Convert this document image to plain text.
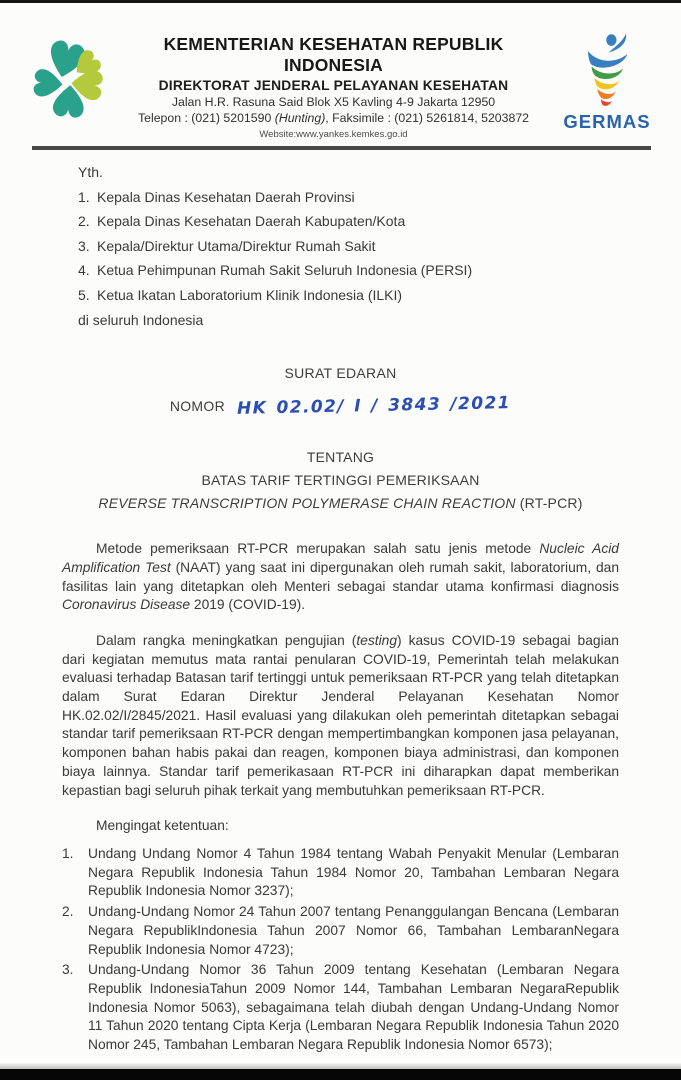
KEMENTERIAN KESEHATAN REPUBLIK INDONESIA
DIREKTORAT JENDERAL PELAYANAN KESEHATAN
Jalan H.R. Rasuna Said Blok X5 Kavling 4-9 Jakarta 12950
Telepon : (021) 5201590 (Hunting), Faksimile : (021) 5261814, 5203872
Website:www.yankes.kemkes.go.id
GERMAS
Yth.
1. Kepala Dinas Kesehatan Daerah Provinsi
2. Kepala Dinas Kesehatan Daerah Kabupaten/Kota
3. Kepala/Direktur Utama/Direktur Rumah Sakit
4. Ketua Pehimpunan Rumah Sakit Seluruh Indonesia (PERSI)
5. Ketua Ikatan Laboratorium Klinik Indonesia (ILKI)
di seluruh Indonesia
SURAT EDARAN
NOMOR HK 02.02/ I / 3843 /2021
TENTANG
BATAS TARIF TERTINGGI PEMERIKSAAN
REVERSE TRANSCRIPTION POLYMERASE CHAIN REACTION (RT-PCR)

Metode pemeriksaan RT-PCR merupakan salah satu jenis metode Nucleic Acid Amplification Test (NAAT) yang saat ini dipergunakan oleh rumah sakit, laboratorium, dan fasilitas lain yang ditetapkan oleh Menteri sebagai standar utama konfirmasi diagnosis Coronavirus Disease 2019 (COVID-19).

Dalam rangka meningkatkan pengujian (testing) kasus COVID-19 sebagai bagian dari kegiatan memutus mata rantai penularan COVID-19, Pemerintah telah melakukan evaluasi terhadap Batasan tarif tertinggi untuk pemeriksaan RT-PCR yang telah ditetapkan dalam Surat Edaran Direktur Jenderal Pelayanan Kesehatan Nomor HK.02.02/I/2845/2021. Hasil evaluasi yang dilakukan oleh pemerintah ditetapkan sebagai standar tarif pemeriksaan RT-PCR dengan mempertimbangkan komponen jasa pelayanan, komponen bahan habis pakai dan reagen, komponen biaya administrasi, dan komponen biaya lainnya. Standar tarif pemerikasaan RT-PCR ini diharapkan dapat memberikan kepastian bagi seluruh pihak terkait yang membutuhkan pemeriksaan RT-PCR.

Mengingat ketentuan:

1.	Undang Undang Nomor 4 Tahun 1984 tentang Wabah Penyakit Menular (Lembaran Negara Republik Indonesia Tahun 1984 Nomor 20, Tambahan Lembaran Negara Republik Indonesia Nomor 3237);
2.	Undang-Undang Nomor 24 Tahun 2007 tentang Penanggulangan Bencana (Lembaran Negara RepublikIndonesia Tahun 2007 Nomor 66, Tambahan LembaranNegara Republik Indonesia Nomor 4723);
3.	Undang-Undang Nomor 36 Tahun 2009 tentang Kesehatan (Lembaran Negara Republik IndonesiaTahun 2009 Nomor 144, Tambahan Lembaran NegaraRepublik Indonesia Nomor 5063), sebagaimana telah diubah dengan Undang-Undang Nomor 11 Tahun 2020 tentang Cipta Kerja (Lembaran Negara Republik Indonesia Tahun 2020 Nomor 245, Tambahan Lembaran Negara Republik Indonesia Nomor 6573);
